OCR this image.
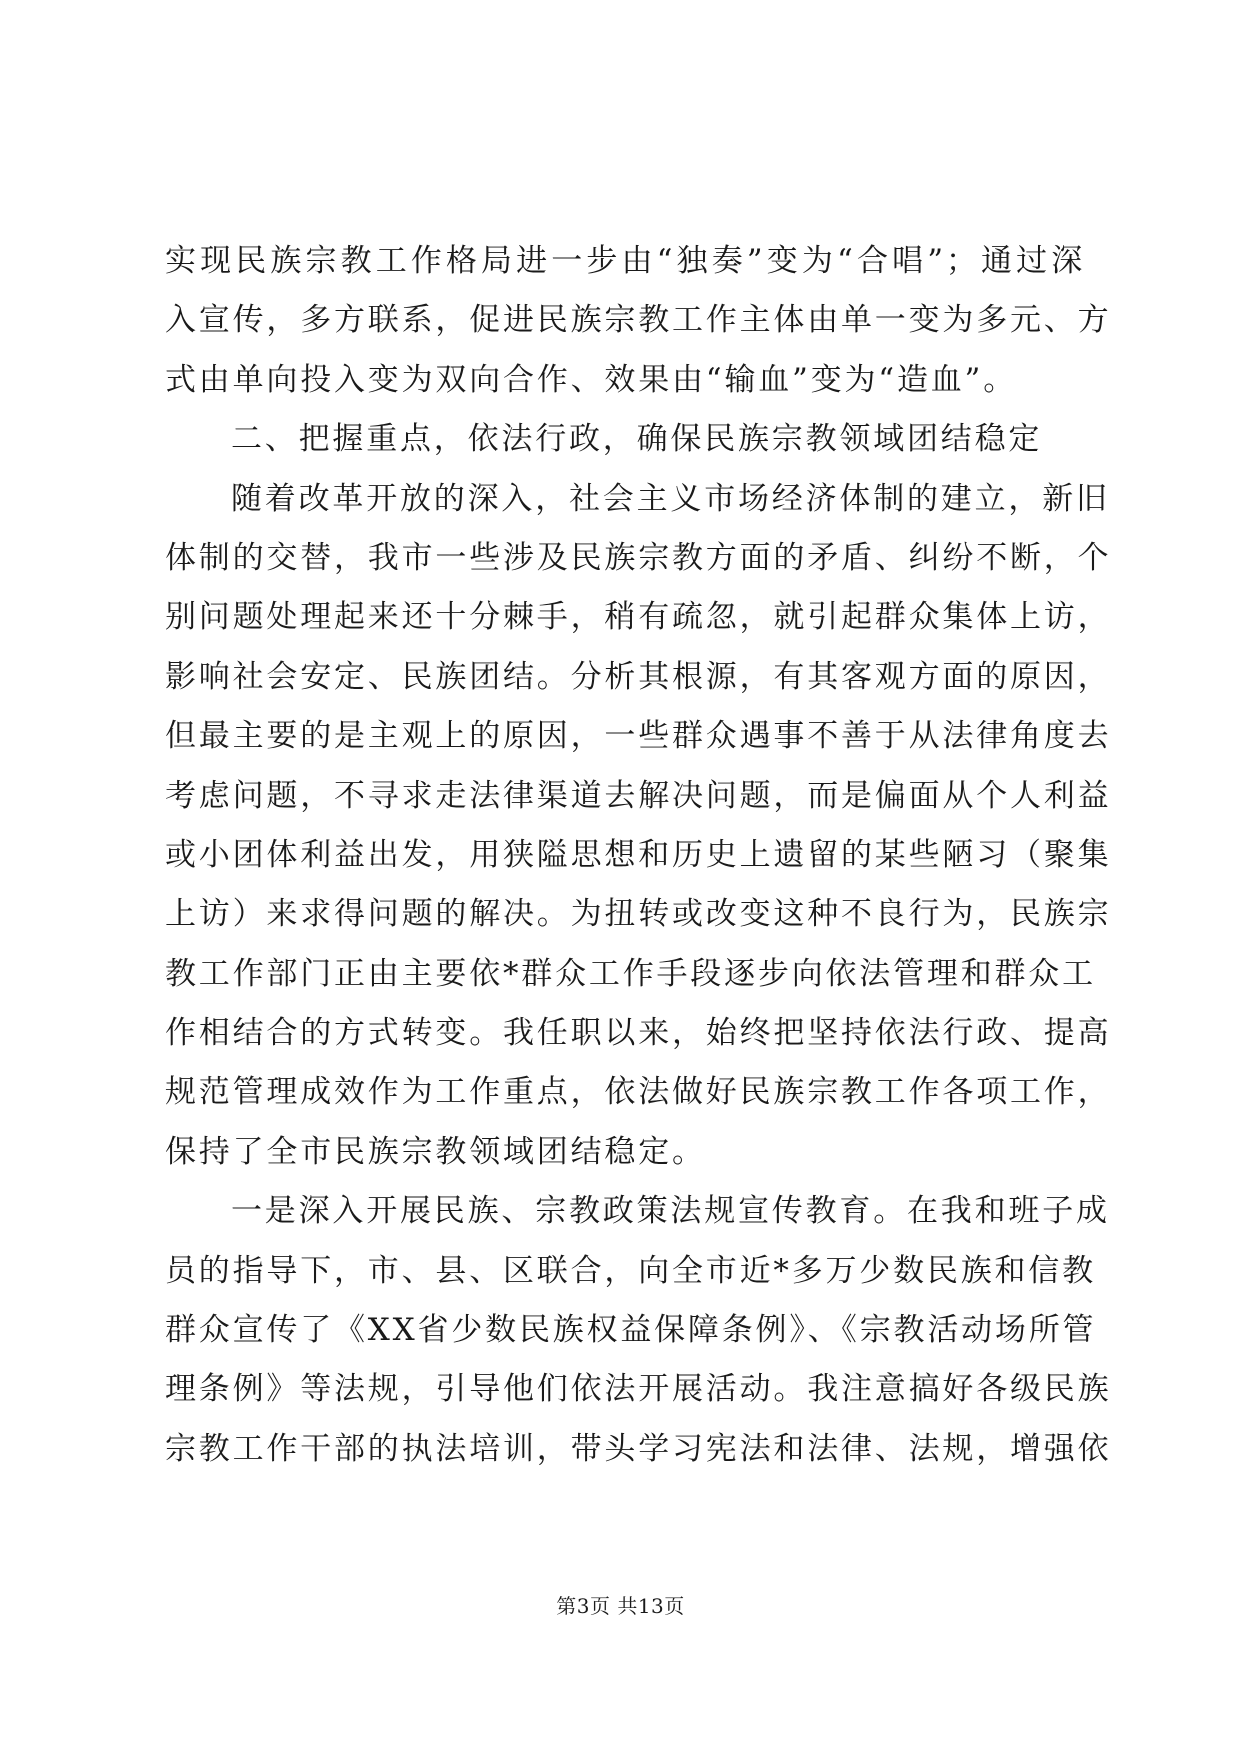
实现民族宗教工作格局进一步由“独奏”变为“合唱”；通过深
入宣传，多方联系，促进民族宗教工作主体由单一变为多元、方
式由单向投入变为双向合作、效果由“输血”变为“造血”。
二、把握重点，依法行政，确保民族宗教领域团结稳定
随着改革开放的深入，社会主义市场经济体制的建立，新旧
体制的交替，我市一些涉及民族宗教方面的矛盾、纠纷不断，个
别问题处理起来还十分棘手，稍有疏忽，就引起群众集体上访，
影响社会安定、民族团结。分析其根源，有其客观方面的原因，
但最主要的是主观上的原因，一些群众遇事不善于从法律角度去
考虑问题，不寻求走法律渠道去解决问题，而是偏面从个人利益
或小团体利益出发，用狭隘思想和历史上遗留的某些陋习（聚集
上访）来求得问题的解决。为扭转或改变这种不良行为，民族宗
教工作部门正由主要依*群众工作手段逐步向依法管理和群众工
作相结合的方式转变。我任职以来，始终把坚持依法行政、提高
规范管理成效作为工作重点，依法做好民族宗教工作各项工作，
保持了全市民族宗教领域团结稳定。
一是深入开展民族、宗教政策法规宣传教育。在我和班子成
员的指导下，市、县、区联合，向全市近*多万少数民族和信教
群众宣传了《XX省少数民族权益保障条例》、《宗教活动场所管
理条例》等法规，引导他们依法开展活动。我注意搞好各级民族
宗教工作干部的执法培训，带头学习宪法和法律、法规，增强依
第3页 共13页
